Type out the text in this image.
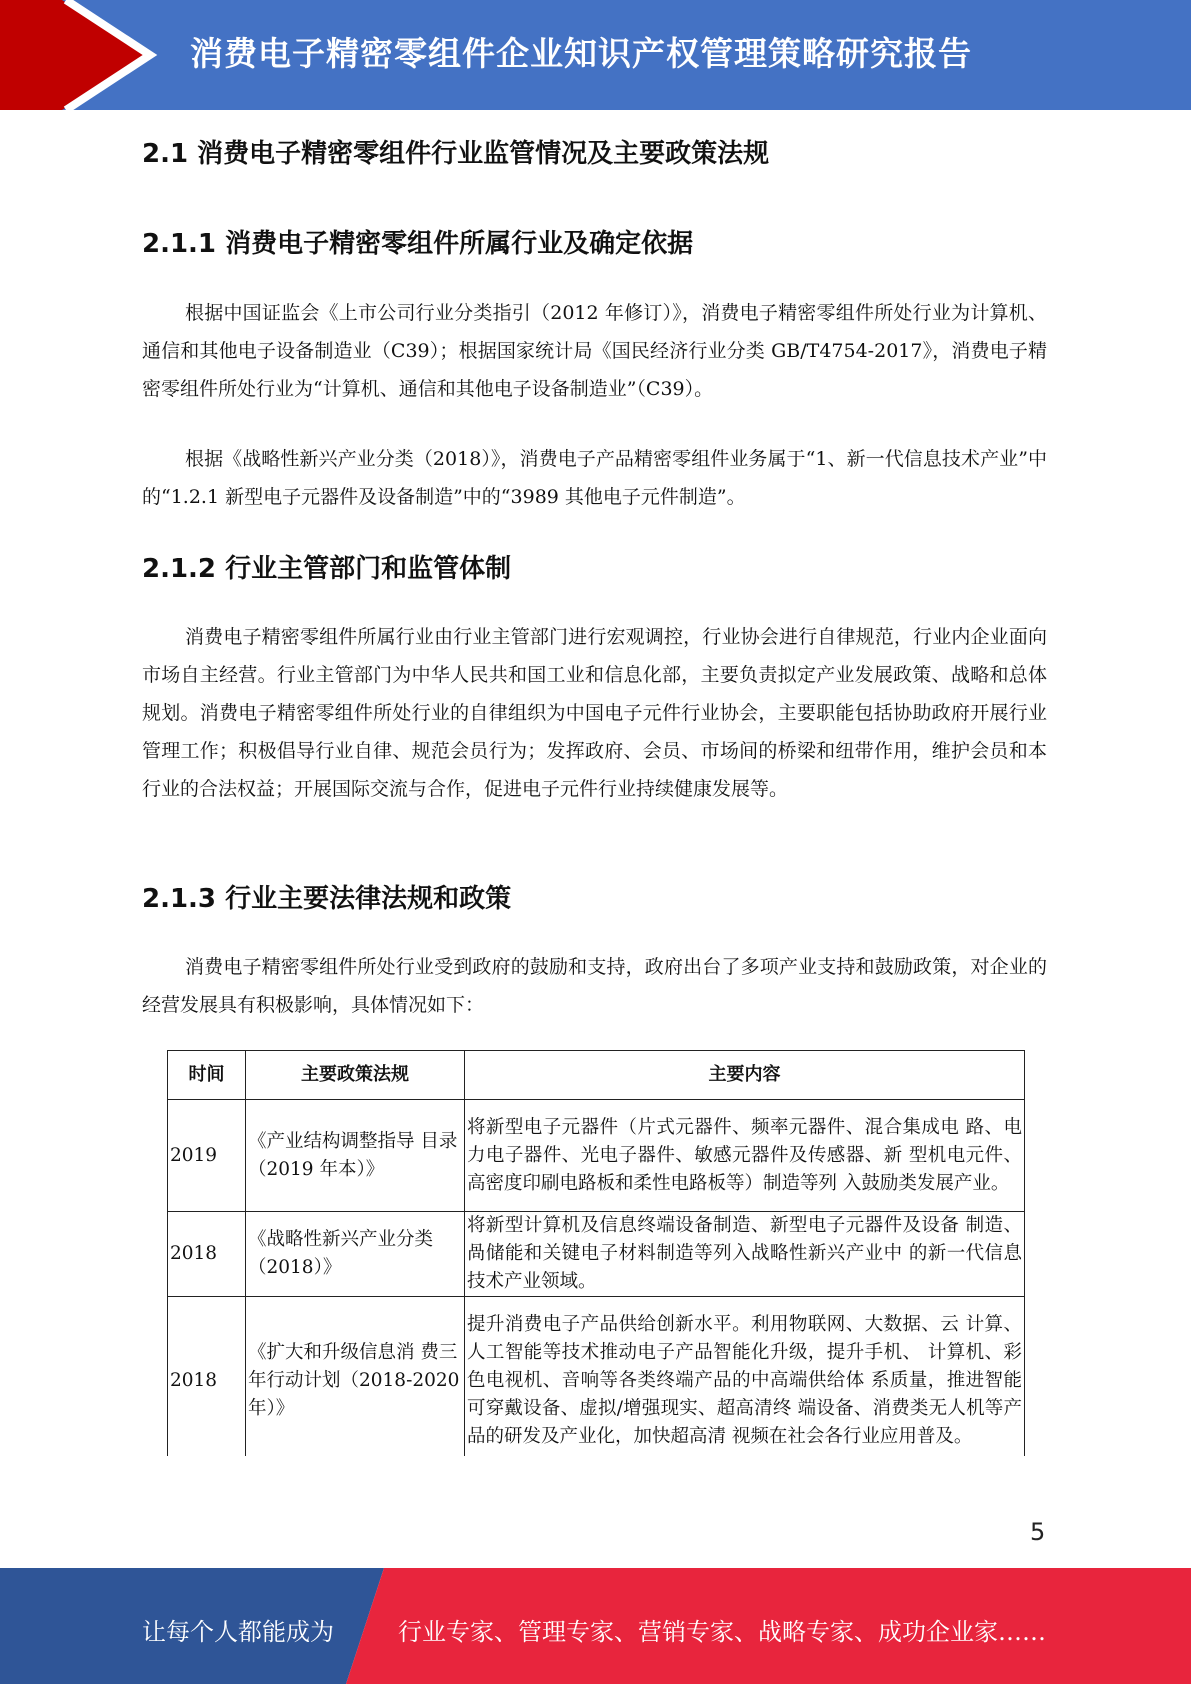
消费电子精密零组件企业知识产权管理策略研究报告
2.1 消费电子精密零组件行业监管情况及主要政策法规
2.1.1 消费电子精密零组件所属行业及确定依据

根据中国证监会《上市公司行业分类指引（2012 年修订）》，消费电子精密零组件所处行业为计算机、通信和其他电子设备制造业（C39）；根据国家统计局《国民经济行业分类 GB/T4754-2017》，消费电子精密零组件所处行业为“计算机、通信和其他电子设备制造业”（C39）。

根据《战略性新兴产业分类（2018）》，消费电子产品精密零组件业务属于“1、新一代信息技术产业”中的“1.2.1 新型电子元器件及设备制造”中的“3989 其他电子元件制造”。

2.1.2 行业主管部门和监管体制

消费电子精密零组件所属行业由行业主管部门进行宏观调控，行业协会进行自律规范，行业内企业面向市场自主经营。行业主管部门为中华人民共和国工业和信息化部，主要负责拟定产业发展政策、战略和总体规划。消费电子精密零组件所处行业的自律组织为中国电子元件行业协会，主要职能包括协助政府开展行业管理工作；积极倡导行业自律、规范会员行为；发挥政府、会员、市场间的桥梁和纽带作用，维护会员和本行业的合法权益；开展国际交流与合作，促进电子元件行业持续健康发展等。

2.1.3 行业主要法律法规和政策

消费电子精密零组件所处行业受到政府的鼓励和支持，政府出台了多项产业支持和鼓励政策，对企业的经营发展具有积极影响，具体情况如下：

时间	主要政策法规	主要内容
2019	《产业结构调整指导 目录（2019 年本）》	将新型电子元器件（片式元器件、频率元器件、混合集成电 路、电力电子器件、光电子器件、敏感元器件及传感器、新 型机电元件、高密度印刷电路板和柔性电路板等）制造等列 入鼓励类发展产业。
2018	《战略性新兴产业分类（2018）》	将新型计算机及信息终端设备制造、新型电子元器件及设备 制造、咼储能和关键电子材料制造等列入战略性新兴产业中 的新一代信息技术产业领域。
2018	《扩大和升级信息消 费三年行动计划（2018-2020 年）》	提升消费电子产品供给创新水平。利用物联网、大数据、云 计算、人工智能等技术推动电子产品智能化升级，提升手机、 计算机、彩色电视机、音响等各类终端产品的中高端供给体 系质量，推进智能可穿戴设备、虚拟/增强现实、超高清终 端设备、消费类无人机等产品的研发及产业化，加快超高清 视频在社会各行业应用普及。
5
让每个人都能成为	行业专家、管理专家、营销专家、战略专家、成功企业家……
